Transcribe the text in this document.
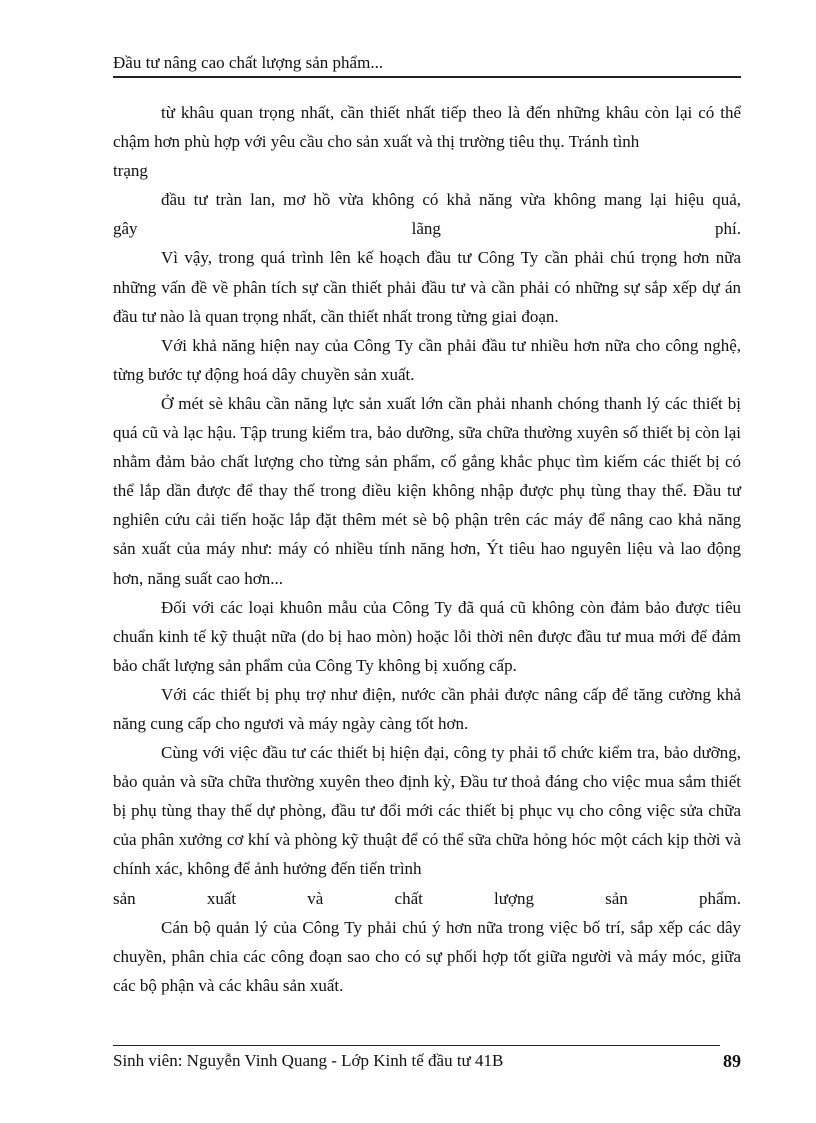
Đầu tư nâng cao chất lượng sản phẩm...

từ khâu quan trọng nhất, cần thiết nhất tiếp theo là đến những khâu còn lại có thể chậm hơn phù hợp với yêu cầu cho sản xuất và thị trường tiêu thụ. Tránh tình

trạng

đầu tư tràn lan, mơ hồ vừa không có khả năng vừa không mang lại hiệu quả,

gây lãng phí.

Vì vậy, trong quá trình lên kế hoạch đầu tư Công Ty cần phải chú trọng hơn nữa những vấn đề về phân tích sự cần thiết phải đầu tư và cần phải có những sự sắp xếp dự án đầu tư nào là quan trọng nhất, cần thiết nhất trong từng giai đoạn.

Với khả năng hiện nay của Công Ty cần phải đầu tư nhiều hơn nữa cho công nghệ, từng bước tự động hoá dây chuyền sản xuất.

Ở mét sè khâu cần năng lực sản xuất lớn cần phải nhanh chóng thanh lý các thiết bị quá cũ và lạc hậu. Tập trung kiểm tra, bảo dưỡng, sữa chữa thường xuyên số thiết bị còn lại nhằm đảm bảo chất lượng cho từng sản phẩm, cố gắng khắc phục tìm kiếm các thiết bị có thể lắp dần được để thay thế trong điều kiện không nhập được phụ tùng thay thế. Đầu tư nghiên cứu cải tiến hoặc lắp đặt thêm mét sè bộ phận trên các máy để nâng cao khả năng sản xuất của máy như: máy có nhiều tính năng hơn, Ýt tiêu hao nguyên liệu và lao động hơn, năng suất cao hơn...

Đối với các loại khuôn mẫu của Công Ty đã quá cũ không còn đảm bảo được tiêu chuẩn kinh tế kỹ thuật nữa (do bị hao mòn) hoặc lỗi thời nên được đầu tư mua mới để đảm bảo chất lượng sản phẩm của Công Ty không bị xuống cấp.

Với các thiết bị phụ trợ như điện, nước cần phải được nâng cấp để tăng cường khả năng cung cấp cho ngươi và máy ngày càng tốt hơn.

Cùng với việc đầu tư các thiết bị hiện đại, công ty phải tổ chức kiểm tra, bảo dưỡng, bảo quản và sữa chữa thường xuyên theo định kỳ, Đầu tư thoả đáng cho việc mua sắm thiết bị phụ tùng thay thế dự phòng, đầu tư đổi mới các thiết bị phục vụ cho công việc sửa chữa của phân xưởng cơ khí và phòng kỹ thuật để có thể sữa chữa hỏng hóc một cách kịp thời và chính xác, không để ảnh hưởng đến tiến trình

sản xuất và chất lượng sản phẩm.

Cán bộ quản lý của Công Ty phải chú ý hơn nữa trong việc bố trí, sắp xếp các dây chuyền, phân chia các công đoạn sao cho có sự phối hợp tốt giữa người và máy móc, giữa các bộ phận và các khâu sản xuất.

Sinh viên: Nguyễn Vinh Quang - Lớp Kinh tế đầu tư 41B	89
